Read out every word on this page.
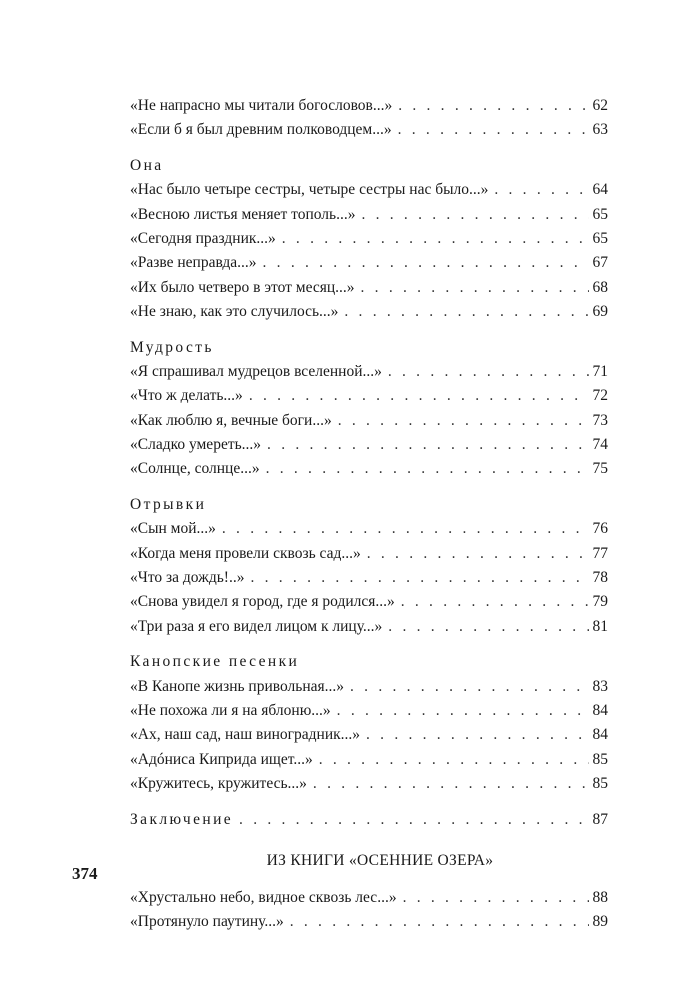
«Не напрасно мы читали богословов...» . . .	62
«Если б я был древним полководцем...» . . .	63
Она
«Нас было четыре сестры, четыре сестры нас было...» . . .	64
«Весною листья меняет тополь...» . . .	65
«Сегодня праздник...» . . .	65
«Разве неправда...» . . .	67
«Их было четверо в этот месяц...» . . .	68
«Не знаю, как это случилось...» . . .	69
Мудрость
«Я спрашивал мудрецов вселенной...» . . .	71
«Что ж делать...» . . .	72
«Как люблю я, вечные боги...» . . .	73
«Сладко умереть...» . . .	74
«Солнце, солнце...» . . .	75
Отрывки
«Сын мой...» . . .	76
«Когда меня провели сквозь сад...» . . .	77
«Что за дождь!..» . . .	78
«Снова увидел я город, где я родился...» . . .	79
«Три раза я его видел лицом к лицу...» . . .	81
Канопские песенки
«В Канопе жизнь привольная...» . . .	83
«Не похожа ли я на яблоню...» . . .	84
«Ах, наш сад, наш виноградник...» . . .	84
«Адóниса Киприда ищет...» . . .	85
«Кружитесь, кружитесь...» . . .	85
Заключение . . .	87
ИЗ КНИГИ «ОСЕННИЕ ОЗЕРА»
«Хрустально небо, видное сквозь лес...» . . .	88
«Протянуло паутину...» . . .	89
374
